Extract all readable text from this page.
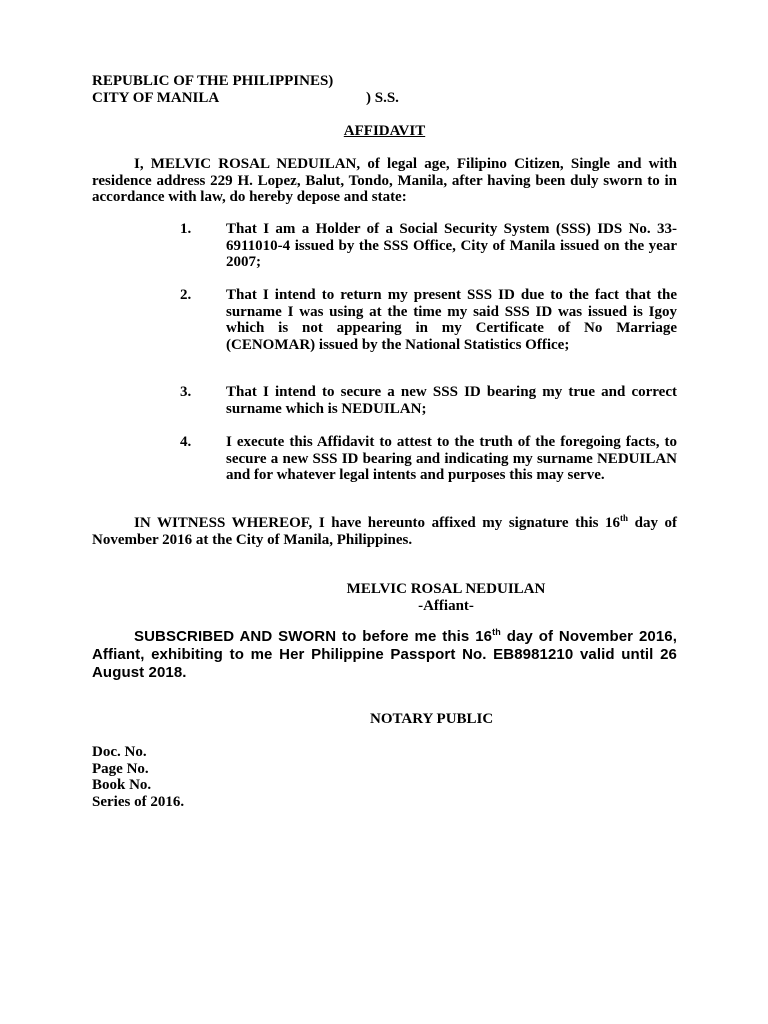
REPUBLIC OF THE PHILIPPINES)
CITY OF MANILA	) S.S.
AFFIDAVIT
I, MELVIC ROSAL NEDUILAN, of legal age, Filipino Citizen, Single and with residence address 229 H. Lopez, Balut, Tondo, Manila, after having been duly sworn to in accordance with law, do hereby depose and state:
1. That I am a Holder of a Social Security System (SSS) IDS No. 33-6911010-4 issued by the SSS Office, City of Manila issued on the year 2007;
2. That I intend to return my present SSS ID due to the fact that the surname I was using at the time my said SSS ID was issued is Igoy which is not appearing in my Certificate of No Marriage (CENOMAR) issued by the National Statistics Office;
3. That I intend to secure a new SSS ID bearing my true and correct surname which is NEDUILAN;
4. I execute this Affidavit to attest to the truth of the foregoing facts, to secure a new SSS ID bearing and indicating my surname NEDUILAN and for whatever legal intents and purposes this may serve.
IN WITNESS WHEREOF, I have hereunto affixed my signature this 16th day of November 2016 at the City of Manila, Philippines.
MELVIC ROSAL NEDUILAN
-Affiant-
SUBSCRIBED AND SWORN to before me this 16th day of November 2016, Affiant, exhibiting to me Her Philippine Passport No. EB8981210 valid until 26 August 2018.
NOTARY PUBLIC
Doc. No.
Page No.
Book No.
Series of 2016.
